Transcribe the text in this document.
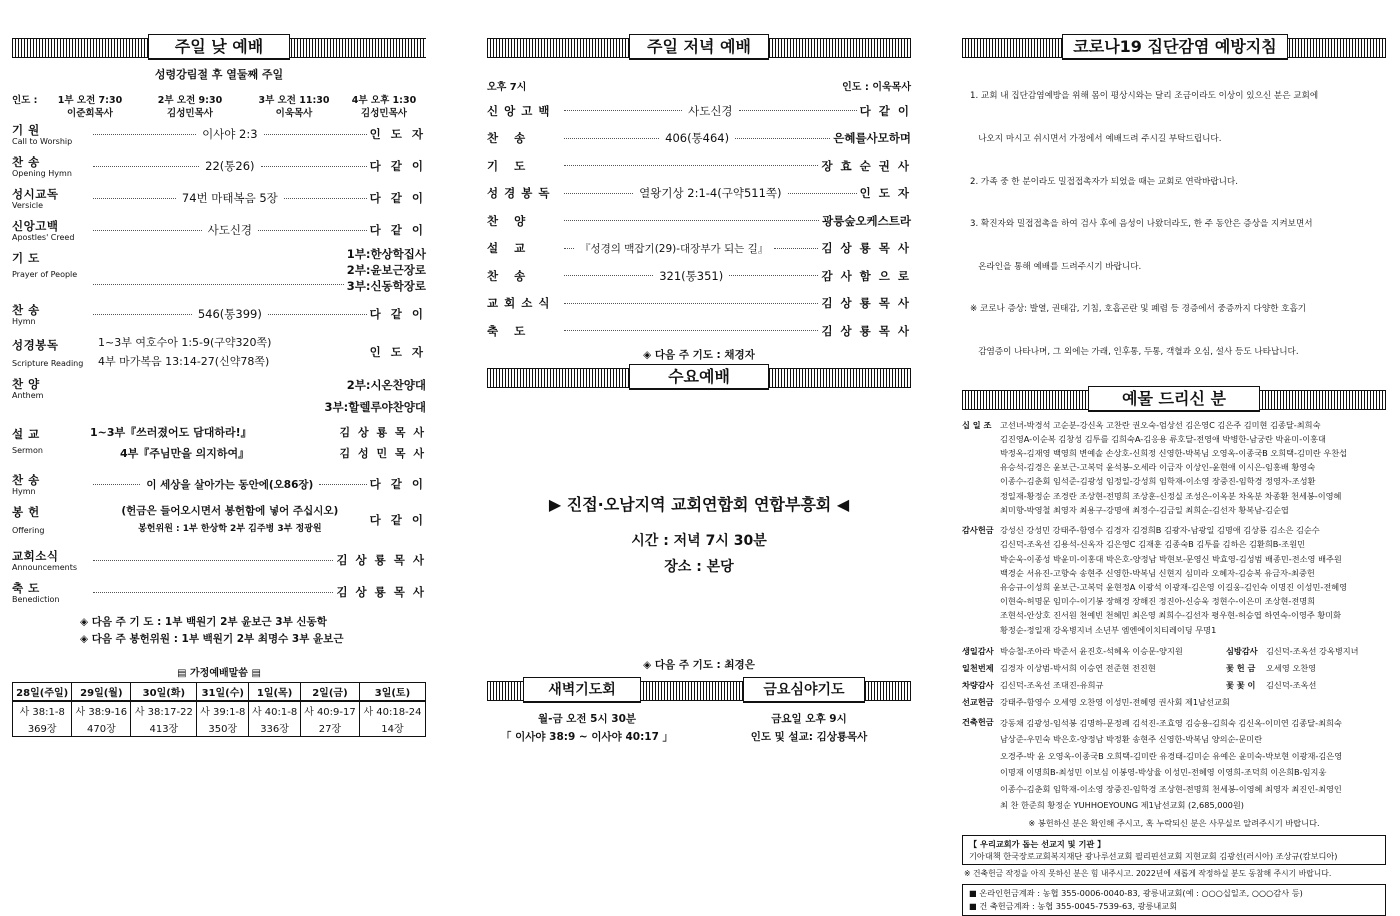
주일 낮 예배
성령강림절 후 열둘째 주일
인도 :	1부 오전 7:30
이준희목사
2부 오전 9:30
김성민목사
3부 오전 11:30
이욱목사
4부 오후 1:30
김성민목사
기 원
Call to Worship
이사야 2:3	인 도 자
찬 송
Opening Hymn
22(통26)	다 같 이
성시교독
Versicle
74번 마태복음 5장	다 같 이
신앙고백
Apostles' Creed
사도신경	다 같 이
기 도
Prayer of People
1부:한상학집사
2부:윤보근장로
3부:신동학장로
찬 송
Hymn
546(통399)	다 같 이
성경봉독
Scripture Reading
1~3부 여호수아 1:5-9(구약320쪽)
4부 마가복음 13:14-27(신약78쪽)
인 도 자
찬 양
Anthem
2부:시온찬양대
3부:할렐루야찬양대
설 교
Sermon
1~3부『쓰러졌어도 담대하라!』	김 상 룡 목 사
4부『주님만을 의지하여』	김 성 민 목 사
찬 송
Hymn
이 세상을 살아가는 동안에(오86장)	다 같 이
봉 헌
Offering
(헌금은 들어오시면서 봉헌함에 넣어 주십시오)
봉헌위원 : 1부 한상학 2부 김주병 3부 정광원
다 같 이
교회소식
Announcements
김 상 룡 목 사
축 도
Benediction
김 상 룡 목 사
◈ 다음 주 기 도 : 1부 백원기 2부 윤보근 3부 신동학
◈ 다음 주 봉헌위원 : 1부 백원기 2부 최명수 3부 윤보근
▤ 가정예배말씀 ▤
28일(주일)	29일(월)	30일(화)	31일(수)	1일(목)	2일(금)	3일(토)
사 38:1-8	사 38:9-16	사 38:17-22	사 39:1-8	사 40:1-8	사 40:9-17	사 40:18-24
369장	470장	413장	350장	336장	27장	14장
주일 저녁 예배
오후 7시	인도 : 이욱목사
신앙고백	사도신경	다 같 이
찬 송	406(통464)	은혜를사모하며
기 도	장 효 순 권 사
성경봉독	열왕기상 2:1-4(구약511쪽)	인 도 자
찬 양	광릉숲오케스트라
설 교	『성경의 맥잡기(29)-대장부가 되는 길』	김 상 룡 목 사
찬 송	321(통351)	감 사 함 으 로
교회소식	김 상 룡 목 사
축 도	김 상 룡 목 사
◈ 다음 주 기도 : 채경자
수요예배
▶ 진접·오남지역 교회연합회 연합부흥회 ◀
시간 : 저녁 7시 30분
장소 : 본당
◈ 다음 주 기도 : 최경은
새벽기도회	금요심야기도
월-금 오전 5시 30분
「 이사야 38:9 ~ 이사야 40:17 」
금요일 오후 9시
인도 및 설교: 김상룡목사
코로나19 집단감염 예방지침

1. 교회 내 집단감염예방을 위해 몸이 평상시와는 달리 조금이라도 이상이 있으신 분은 교회에

나오지 마시고 쉬시면서 가정에서 예배드려 주시길 부탁드립니다.

2. 가족 중 한 분이라도 밀접접촉자가 되었을 때는 교회로 연락바랍니다.

3. 확진자와 밀접접촉을 하여 검사 후에 음성이 나왔더라도, 한 주 동안은 증상을 지켜보면서

온라인을 통해 예배를 드려주시기 바랍니다.

※ 코로나 증상: 발열, 권태감, 기침, 호흡곤란 및 폐렴 등 경증에서 중증까지 다양한 호흡기

감염증이 나타나며, 그 외에는 가래, 인후통, 두통, 객혈과 오심, 설사 등도 나타납니다.

예물 드리신 분
십 일 조	고선녀-박경석 고순분-강신옥 고찬란 권오숙-엄상선 김은영C 김은주 김미현 김종달-최희숙
김진영A-이순복 김창성 김투를 김희숙A-김응용 류호달-전영애 박병한-남궁란 박윤미-이홍대
박정옥-김재영 백영희 변예솔 손상호-신희정 신영한-박복님 오영옥-이종국B 오희택-김미란 우찬섭
유승석-김경은 윤보근-고복덕 윤석봉-오세라 이금자 이상인-윤현애 이시은-임홍배 황영숙
이종수-김춘회 임석준-김광성 임정일-강성희 임학재-이소영 장중진-임학경 정영자-조성환
정일재-황정순 조경란 조상현-전명희 조상훈-신정실 조성은-이옥분 차옥분 차종환 천세봉-이영혜
최미향-박영철 최영자 최용구-강명애 최정수-김금일 최희순-김선자 황복남-김순엽
감사헌금 강성신 강성민 강태주-함영수 김경자 김경희B 김광자-남광일 김명애 김상룡 김소은 김순수
김신덕-조옥선 김용석-신옥자 김은영C 김재훈 김종숙B 김투를 김하은 김환희B-조원민
박순욱-이종성 박윤미-이홍대 박은호-양정남 박현보-문영신 박효영-김성범 배종민-전소영 배주원
백경순 서유진-고향숙 송현주 신영한-박복님 신현지 심미라 오혜자-김승복 유금자-최중헌
유승규-이성희 윤보근-고복덕 윤현정A 이광석 이광재-김은영 이길웅-김인숙 이명진 이성민-전혜영
이현숙-허명문 임미수-이기봉 장해경 장해진 정진아-신승욱 정현수-이은미 조상현-전명희
조현석-안상호 진서원 천예빈 천혜민 최은영 최희수-김선자 평우현-허승엽 하연숙-이영주 황미화
황정순-정일재 강옥병지녀 소년부 엠엔에이치티레이딩 무명1
생일감사 박승철-조아라 박준서 윤진호-석혜옥 이승문-양지원	심방감사	김신덕-조옥선 강옥병지녀
일천번제 김경자 이상범-박서희 이승연 전준현 전진현	꽃 헌 금	오세영 오찬영
차량감사 김신덕-조옥선 조대진-유희규	꽃 꽃 이	김신덕-조옥선
선교헌금 강태주-함영수 오세영 오찬영 이성민-전혜영 권사회 제1남선교회
건축헌금 강동채 김광성-임석봉 김명하-문정례 김석진-조효영 김승용-김희숙 김신옥-이미연 김종달-최희숙
남상준-우민숙 박은호-양정남 박정환 송현주 신영한-박복님 양의순-문미란
오경주-박 윤 오영옥-이종국B 오희택-김미란 유경태-김미순 유예은 윤미숙-박보현 이광재-김은영
이명재 이명희B-최성민 이보심 이봉영-박상율 이성민-전혜영 이영희-조덕희 이은희B-임지웅
이종수-김춘회 임학재-이소영 장중진-임학경 조상현-전명희 천세봉-이영혜 최영자 최진인-최영인
최 찬 한준희 황정순 YUHHOEYOUNG 제1남선교회 (2,685,000원)
※ 봉헌하신 분은 확인해 주시고, 혹 누락되신 분은 사무실로 알려주시기 바랍니다.
【 우리교회가 돕는 선교지 및 기관 】
기아대책 한국장로교회복지재단 광나루선교회 필리핀선교회 지현교회 김광선(러시아) 조상규(캄보디아)
※ 건축헌금 작정을 아직 못하신 분은 힘 내주시고. 2022년에 새롭게 작정하실 분도 동참해 주시기 바랍니다.
■ 온라인헌금계좌 : 농협 355-0006-0040-83, 광릉내교회(예 : ○○○십일조, ○○○감사 등)
■ 건 축헌금계좌 : 농협 355-0045-7539-63, 광릉내교회
